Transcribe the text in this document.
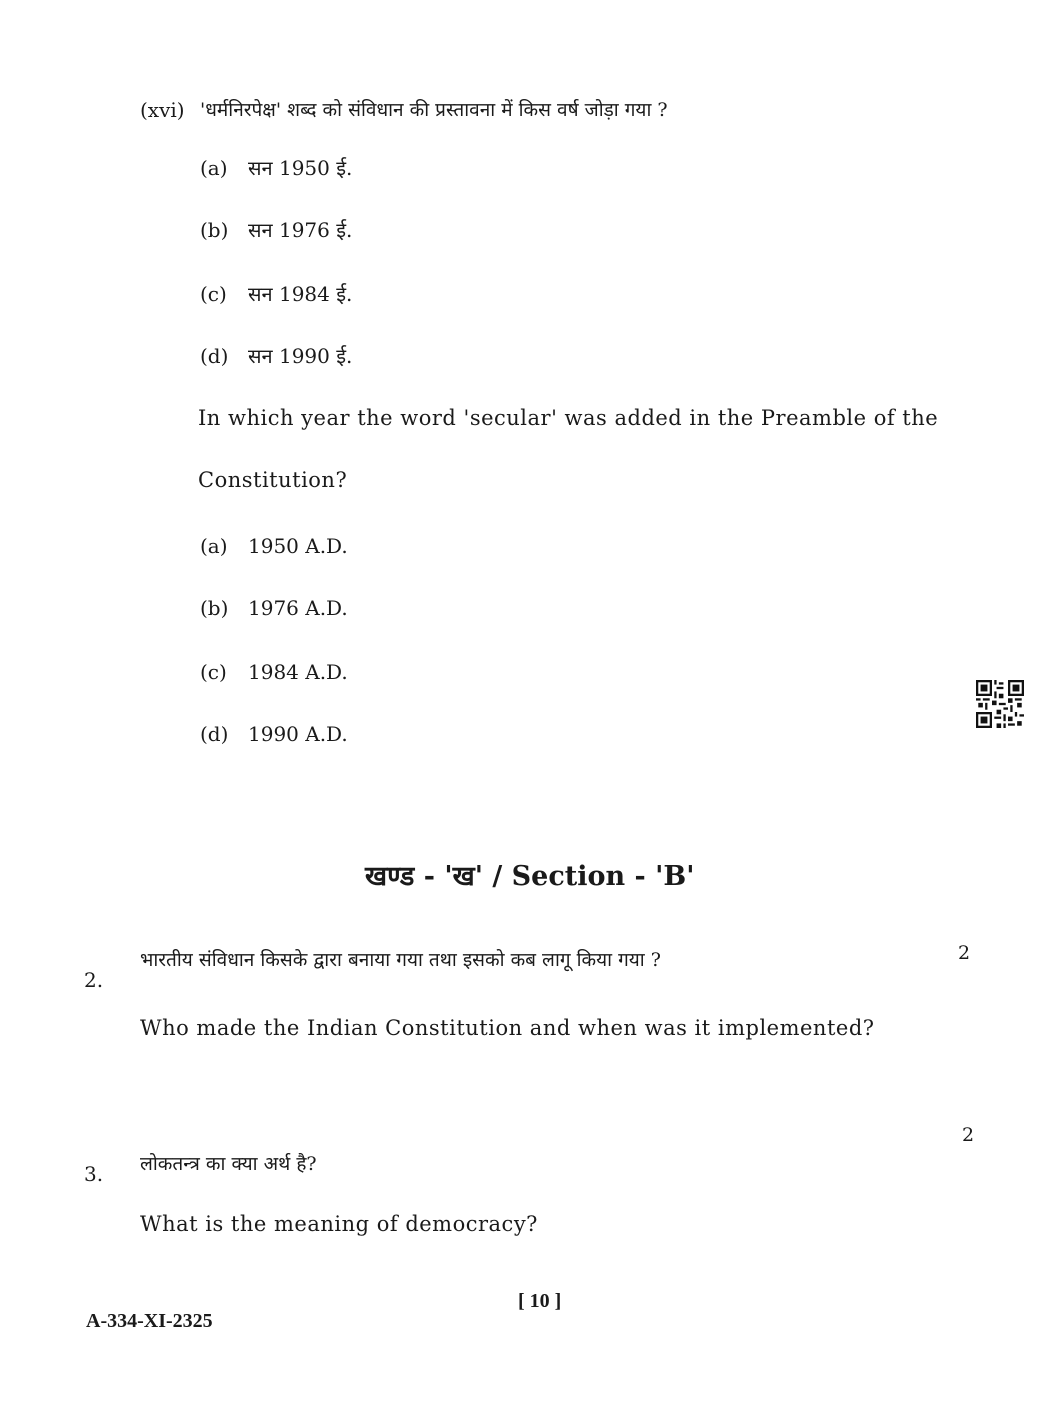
(xvi) 'धर्मनिरपेक्ष' शब्द को संविधान की प्रस्तावना में किस वर्ष जोड़ा गया ?
(a) सन 1950 ई.
(b) सन 1976 ई.
(c) सन 1984 ई.
(d) सन 1990 ई.
In which year the word 'secular' was added in the Preamble of the
Constitution?
(a) 1950 A.D.
(b) 1976 A.D.
(c) 1984 A.D.
(d) 1990 A.D.
खण्ड - 'ख' / Section - 'B'
2
2.
भारतीय संविधान किसके द्वारा बनाया गया तथा इसको कब लागू किया गया ?
Who made the Indian Constitution and when was it implemented?
2
3. लोकतन्त्र का क्या अर्थ है?
What is the meaning of democracy?
[ 10 ]
A-334-XI-2325
